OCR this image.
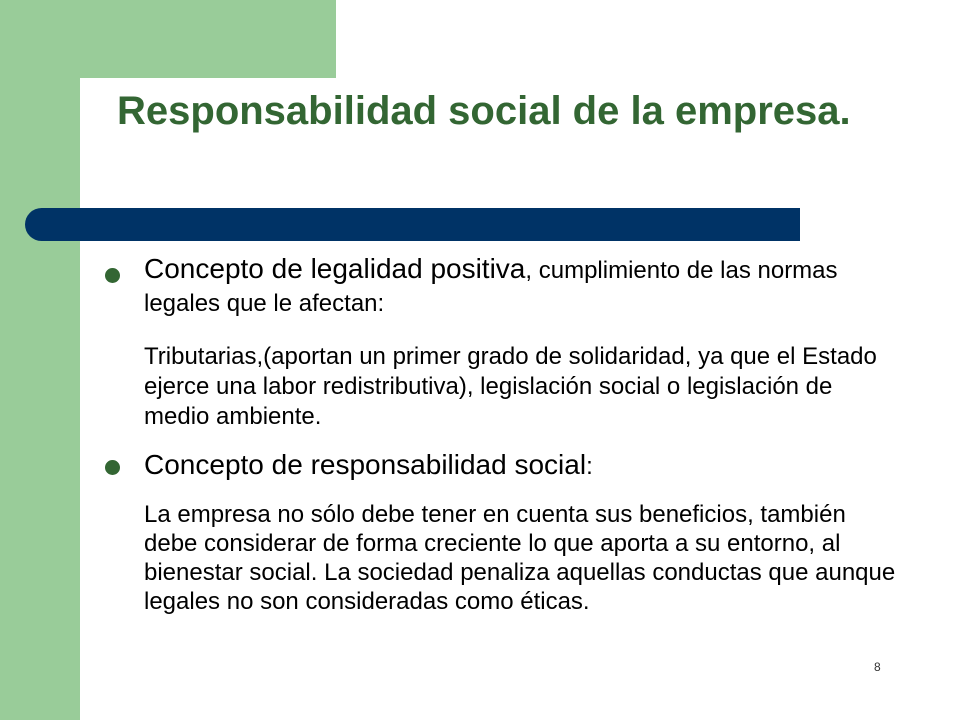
Responsabilidad social de la empresa.

Concepto de legalidad positiva, cumplimiento de las normas legales que le afectan:

Tributarias,(aportan un primer grado de solidaridad, ya que el Estado ejerce una labor redistributiva), legislación social o legislación de medio ambiente.

Concepto de responsabilidad social:

La empresa no sólo debe tener en cuenta sus beneficios, también debe considerar de forma creciente lo que aporta a su entorno, al bienestar social. La sociedad penaliza aquellas conductas que aunque legales no son consideradas como éticas.

8
